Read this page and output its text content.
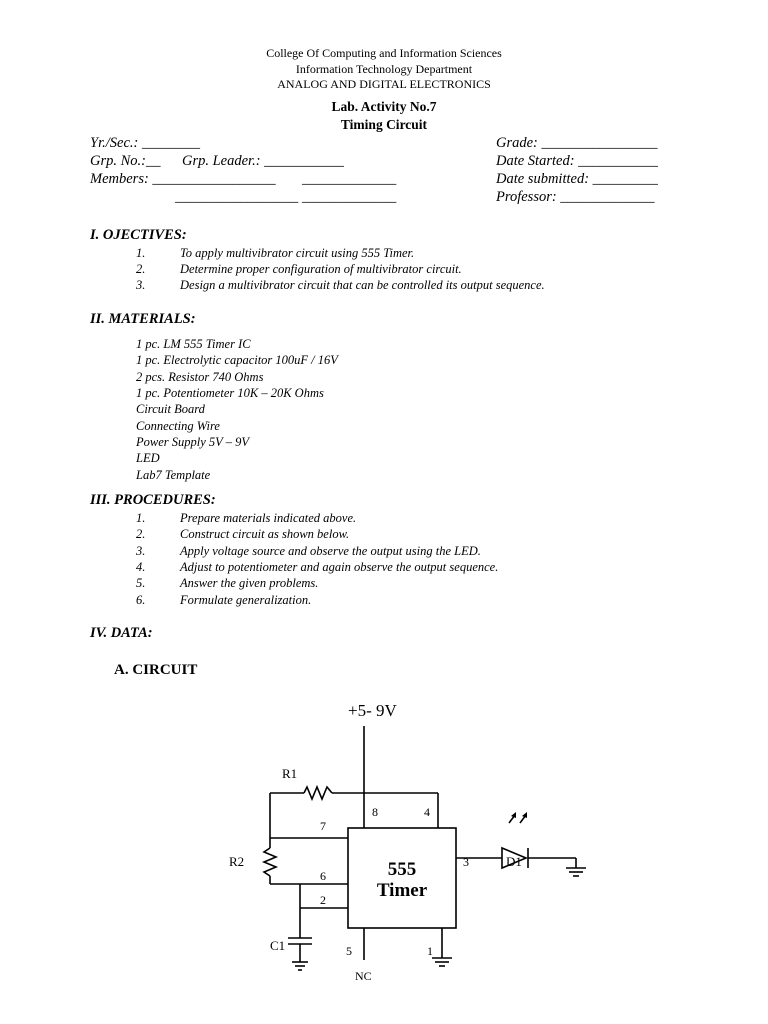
College Of Computing and Information Sciences
Information Technology Department
ANALOG AND DIGITAL ELECTRONICS
Lab. Activity No.7
Timing Circuit
Yr./Sec.: ________
Grp. No.:__ Grp. Leader.: ___________
Members: _________________ _____________
_________________ _____________
Grade: ________________
Date Started: ___________
Date submitted: _________
Professor: _____________
I. OJECTIVES:
1.	To apply multivibrator circuit using 555 Timer.
2.	Determine proper configuration of multivibrator circuit.
3.	Design a multivibrator circuit that can be controlled its output sequence.
II. MATERIALS:
1 pc. LM 555 Timer IC
1 pc. Electrolytic capacitor 100uF / 16V
2 pcs. Resistor 740 Ohms
1 pc. Potentiometer 10K – 20K Ohms
Circuit Board
Connecting Wire
Power Supply 5V – 9V
LED
Lab7 Template
III. PROCEDURES:
1.	Prepare materials indicated above.
2.	Construct circuit as shown below.
3.	Apply voltage source and observe the output using the LED.
4.	Adjust to potentiometer and again observe the output sequence.
5.	Answer the given problems.
6.	Formulate generalization.
IV. DATA:
A. CIRCUIT
+5- 9V
R1
R2
C1
D1
8	4
7
6
2
3
5	1
NC
555
Timer
